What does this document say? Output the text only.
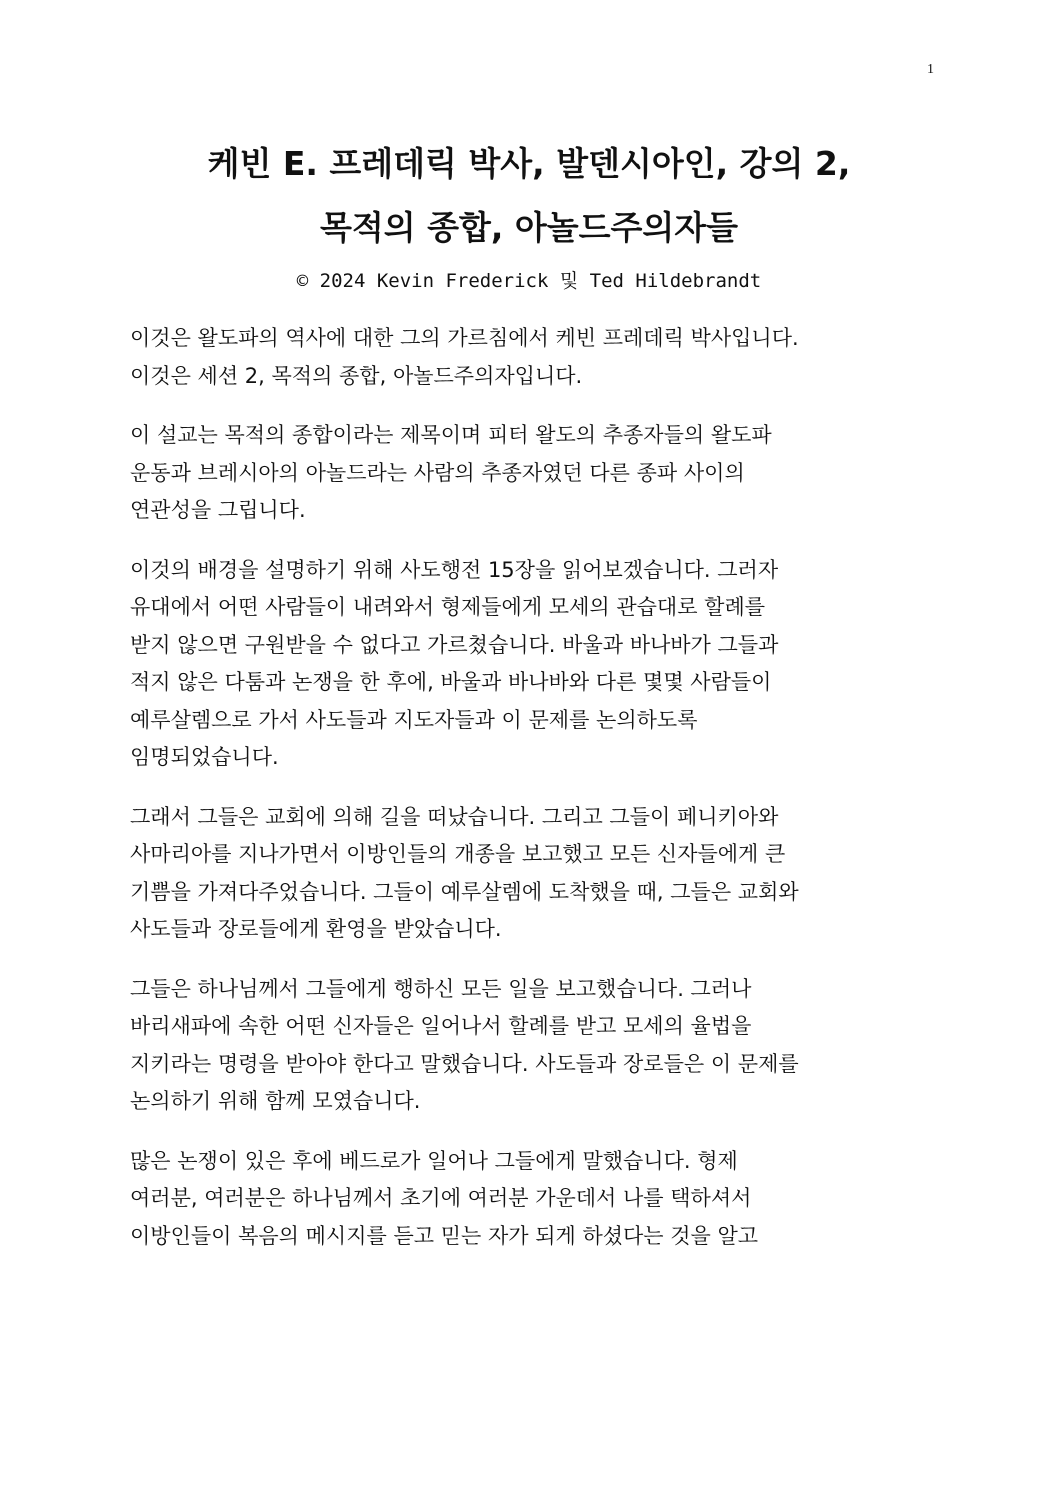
1
케빈 E. 프레데릭 박사, 발덴시아인, 강의 2,
목적의 종합, 아놀드주의자들
© 2024 Kevin Frederick 및 Ted Hildebrandt

이것은 왈도파의 역사에 대한 그의 가르침에서 케빈 프레데릭 박사입니다.
이것은 세션 2, 목적의 종합, 아놀드주의자입니다.

이 설교는 목적의 종합이라는 제목이며 피터 왈도의 추종자들의 왈도파
운동과 브레시아의 아놀드라는 사람의 추종자였던 다른 종파 사이의
연관성을 그립니다.

이것의 배경을 설명하기 위해 사도행전 15장을 읽어보겠습니다. 그러자
유대에서 어떤 사람들이 내려와서 형제들에게 모세의 관습대로 할례를
받지 않으면 구원받을 수 없다고 가르쳤습니다. 바울과 바나바가 그들과
적지 않은 다툼과 논쟁을 한 후에, 바울과 바나바와 다른 몇몇 사람들이
예루살렘으로 가서 사도들과 지도자들과 이 문제를 논의하도록
임명되었습니다.

그래서 그들은 교회에 의해 길을 떠났습니다. 그리고 그들이 페니키아와
사마리아를 지나가면서 이방인들의 개종을 보고했고 모든 신자들에게 큰
기쁨을 가져다주었습니다. 그들이 예루살렘에 도착했을 때, 그들은 교회와
사도들과 장로들에게 환영을 받았습니다.

그들은 하나님께서 그들에게 행하신 모든 일을 보고했습니다. 그러나
바리새파에 속한 어떤 신자들은 일어나서 할례를 받고 모세의 율법을
지키라는 명령을 받아야 한다고 말했습니다. 사도들과 장로들은 이 문제를
논의하기 위해 함께 모였습니다.

많은 논쟁이 있은 후에 베드로가 일어나 그들에게 말했습니다. 형제
여러분, 여러분은 하나님께서 초기에 여러분 가운데서 나를 택하셔서
이방인들이 복음의 메시지를 듣고 믿는 자가 되게 하셨다는 것을 알고
